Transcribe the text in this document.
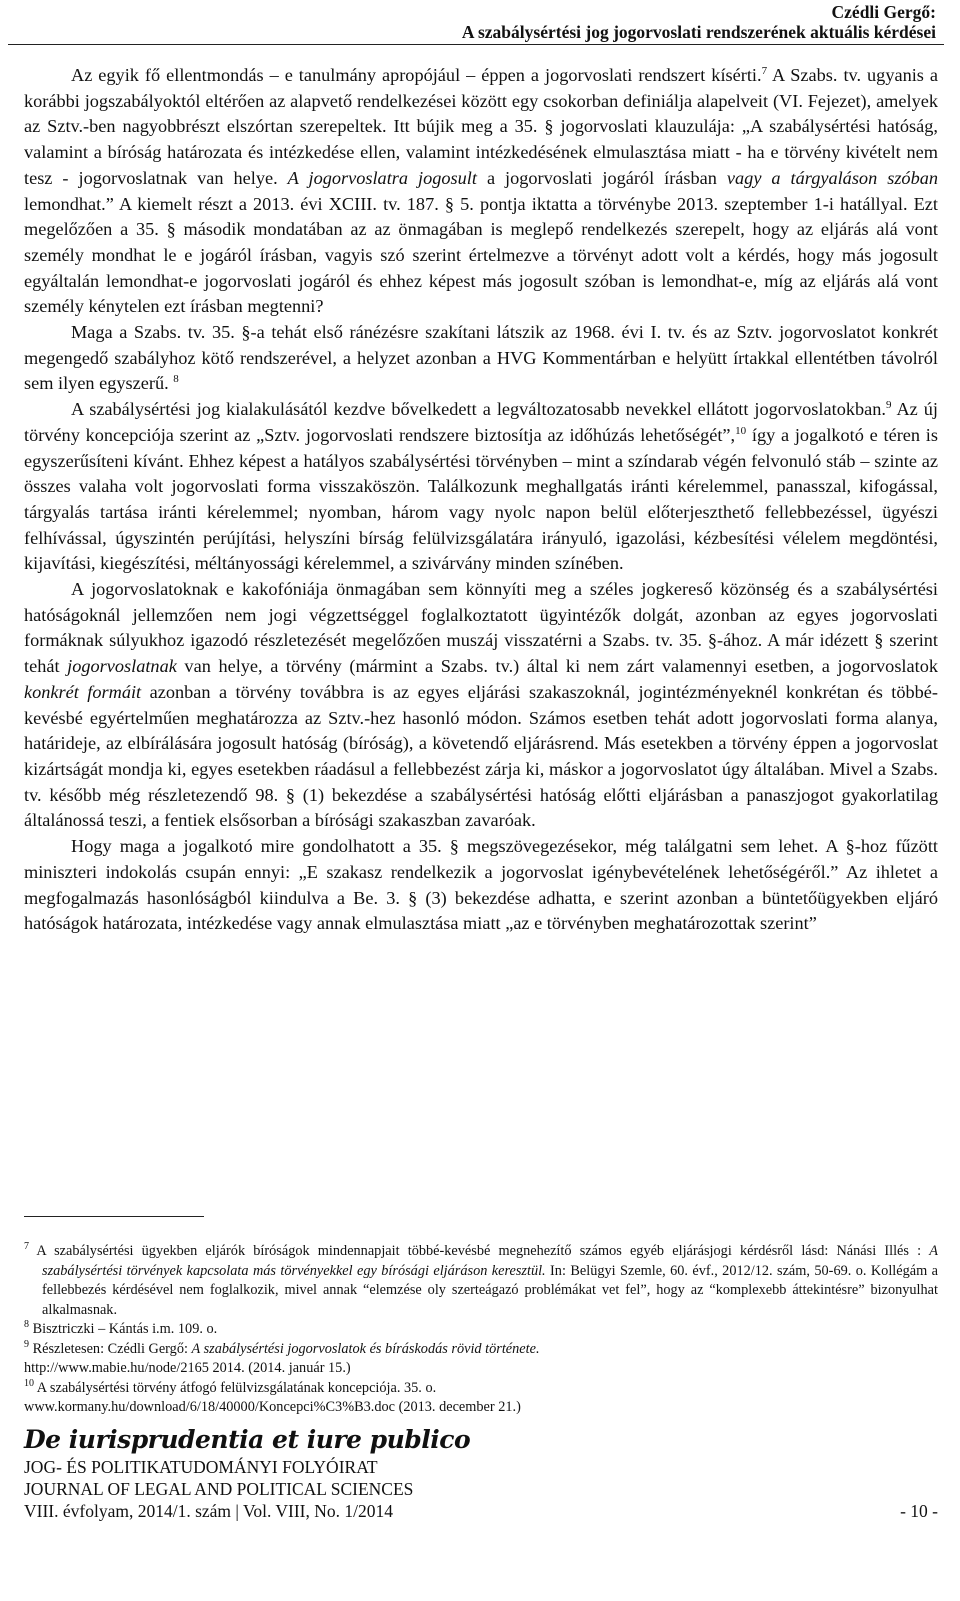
Czédli Gergő:
A szabálysértési jog jogorvoslati rendszerének aktuális kérdései

Az egyik fő ellentmondás – e tanulmány apropójául – éppen a jogorvoslati rendszert kísérti.$^7$ A Szabs. tv. ugyanis a korábbi jogszabályoktól eltérően az alapvető rendelkezései között egy csokorban definiálja alapelveit (VI. Fejezet), amelyek az Sztv.-ben nagyobbrészt elszórtan szerepeltek. Itt bújik meg a 35. § jogorvoslati klauzulája: „A szabálysértési hatóság, valamint a bíróság határozata és intézkedése ellen, valamint intézkedésének elmulasztása miatt - ha e törvény kivételt nem tesz - jogorvoslatnak van helye. A jogorvoslatra jogosult a jogorvoslati jogáról írásban vagy a tárgyaláson szóban lemondhat.” A kiemelt részt a 2013. évi XCIII. tv. 187. § 5. pontja iktatta a törvénybe 2013. szeptember 1-i hatállyal. Ezt megelőzően a 35. § második mondatában az az önmagában is meglepő rendelkezés szerepelt, hogy az eljárás alá vont személy mondhat le e jogáról írásban, vagyis szó szerint értelmezve a törvényt adott volt a kérdés, hogy más jogosult egyáltalán lemondhat-e jogorvoslati jogáról és ehhez képest más jogosult szóban is lemondhat-e, míg az eljárás alá vont személy kénytelen ezt írásban megtenni?

Maga a Szabs. tv. 35. §-a tehát első ránézésre szakítani látszik az 1968. évi I. tv. és az Sztv. jogorvoslatot konkrét megengedő szabályhoz kötő rendszerével, a helyzet azonban a HVG Kommentárban e helyütt írtakkal ellentétben távolról sem ilyen egyszerű. $^8$

A szabálysértési jog kialakulásától kezdve bővelkedett a legváltozatosabb nevekkel ellátott jogorvoslatokban.$^9$ Az új törvény koncepciója szerint az „Sztv. jogorvoslati rendszere biztosítja az időhúzás lehetőségét”,$^{10}$ így a jogalkotó e téren is egyszerűsíteni kívánt. Ehhez képest a hatályos szabálysértési törvényben – mint a színdarab végén felvonuló stáb – szinte az összes valaha volt jogorvoslati forma visszaköszön. Találkozunk meghallgatás iránti kérelemmel, panasszal, kifogással, tárgyalás tartása iránti kérelemmel; nyomban, három vagy nyolc napon belül előterjeszthető fellebbezéssel, ügyészi felhívással, úgyszintén perújítási, helyszíni bírság felülvizsgálatára irányuló, igazolási, kézbesítési vélelem megdöntési, kijavítási, kiegészítési, méltányossági kérelemmel, a szivárvány minden színében.

A jogorvoslatoknak e kakofóniája önmagában sem könnyíti meg a széles jogkereső közönség és a szabálysértési hatóságoknál jellemzően nem jogi végzettséggel foglalkoztatott ügyintézők dolgát, azonban az egyes jogorvoslati formáknak súlyukhoz igazodó részletezését megelőzően muszáj visszatérni a Szabs. tv. 35. §-ához. A már idézett § szerint tehát jogorvoslatnak van helye, a törvény (mármint a Szabs. tv.) által ki nem zárt valamennyi esetben, a jogorvoslatok konkrét formáit azonban a törvény továbbra is az egyes eljárási szakaszoknál, jogintézményeknél konkrétan és többé-kevésbé egyértelműen meghatározza az Sztv.-hez hasonló módon. Számos esetben tehát adott jogorvoslati forma alanya, határideje, az elbírálására jogosult hatóság (bíróság), a követendő eljárásrend. Más esetekben a törvény éppen a jogorvoslat kizártságát mondja ki, egyes esetekben ráadásul a fellebbezést zárja ki, máskor a jogorvoslatot úgy általában. Mivel a Szabs. tv. később még részletezendő 98. § (1) bekezdése a szabálysértési hatóság előtti eljárásban a panaszjogot gyakorlatilag általánossá teszi, a fentiek elsősorban a bírósági szakaszban zavaróak.

Hogy maga a jogalkotó mire gondolhatott a 35. § megszövegezésekor, még találgatni sem lehet. A §-hoz fűzött miniszteri indokolás csupán ennyi: „E szakasz rendelkezik a jogorvoslat igénybevételének lehetőségéről.” Az ihletet a megfogalmazás hasonlóságból kiindulva a Be. 3. § (3) bekezdése adhatta, e szerint azonban a büntetőügyekben eljáró hatóságok határozata, intézkedése vagy annak elmulasztása miatt „az e törvényben meghatározottak szerint”

$^7$ A szabálysértési ügyekben eljárók bíróságok mindennapjait többé-kevésbé megnehezítő számos egyéb eljárásjogi kérdésről lásd: Nánási Illés : A szabálysértési törvények kapcsolata más törvényekkel egy bírósági eljáráson keresztül. In: Belügyi Szemle, 60. évf., 2012/12. szám, 50-69. o. Kollégám a fellebbezés kérdésével nem foglalkozik, mivel annak “elemzése oly szerteágazó problémákat vet fel”, hogy az “komplexebb áttekintésre” bizonyulhat alkalmasnak.

$^8$ Bisztriczki – Kántás i.m. 109. o.

$^9$ Részletesen: Czédli Gergő: A szabálysértési jogorvoslatok és bíráskodás rövid története.
http://www.mabie.hu/node/2165 2014. (2014. január 15.)

$^{10}$ A szabálysértési törvény átfogó felülvizsgálatának koncepciója. 35. o.
www.kormany.hu/download/6/18/40000/Koncepci%C3%B3.doc (2013. december 21.)

De iurisprudentia et iure publico
JOG- ÉS POLITIKATUDOMÁNYI FOLYÓIRAT
JOURNAL OF LEGAL AND POLITICAL SCIENCES
VIII. évfolyam, 2014/1. szám | Vol. VIII, No. 1/2014	- 10 -
